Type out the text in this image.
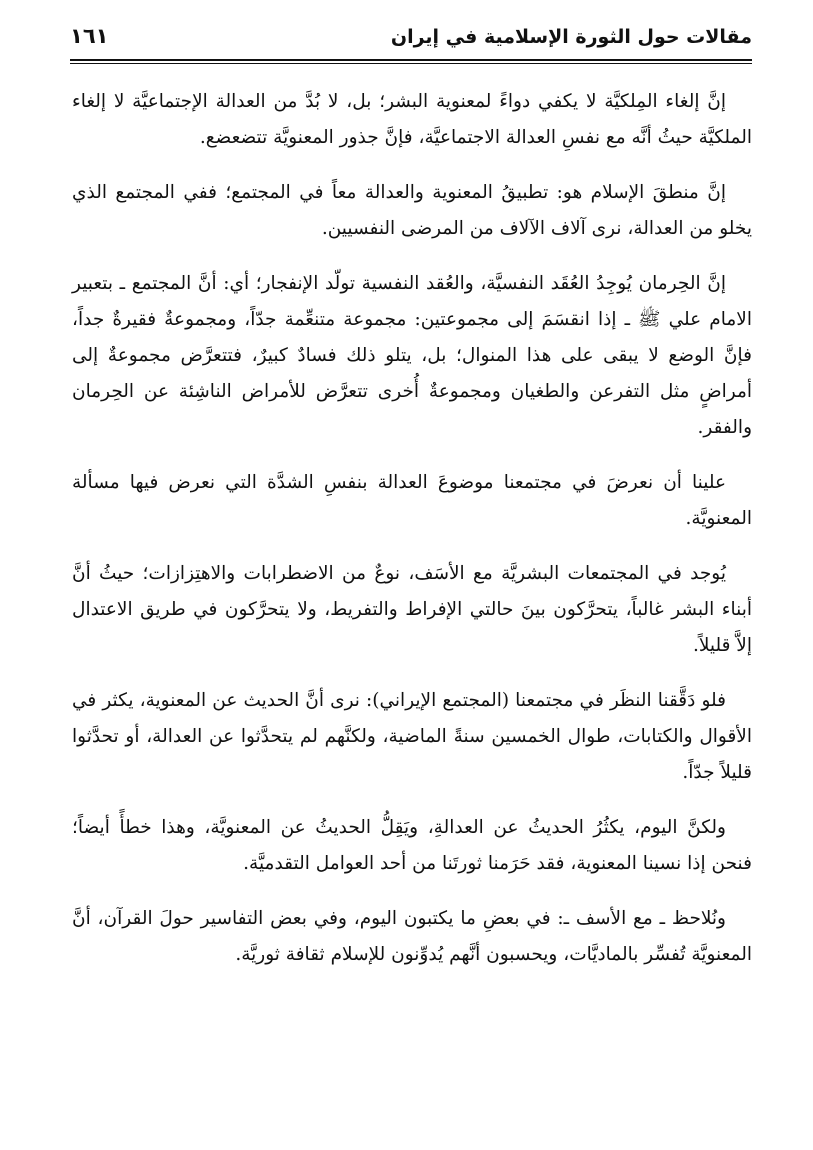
مقالات حول الثورة الإسلامية في إيران
١٦١

إنَّ إلغاء المِلكيَّة لا يكفي دواءً لمعنوية البشر؛ بل، لا بُدَّ من العدالة الإجتماعيَّة لا إلغاء الملكيَّة حيثُ أنَّه مع نفسِ العدالة الاجتماعيَّة، فإنَّ جذور المعنويَّة تتضعضع.

إنَّ منطقَ الإسلام هو: تطبيقُ المعنوية والعدالة معاً في المجتمع؛ ففي المجتمع الذي يخلو من العدالة، نرى آلاف الآلاف من المرضى النفسيين.

إنَّ الحِرمان يُوجِدُ العُقَد النفسيَّة، والعُقد النفسية تولّد الإنفجار؛ أي: أنَّ المجتمع ـ بتعبير الامام علي ﷺ ـ إذا انقسَمَ إلى مجموعتين: مجموعة متنعِّمة جدّاً، ومجموعةٌ فقيرةٌ جداً، فإنَّ الوضع لا يبقى على هذا المنوال؛ بل، يتلو ذلك فسادٌ كبيرٌ، فتتعرَّض مجموعةٌ إلى أمراضٍ مثل التفرعن والطغيان ومجموعةٌ أُخرى تتعرَّض للأمراض الناشِئة عن الحِرمان والفقر.

علينا أن نعرضَ في مجتمعنا موضوعَ العدالة بنفسِ الشدَّة التي نعرض فيها مسألة المعنويَّة.

يُوجد في المجتمعات البشريَّة مع الأسَف، نوعٌ من الاضطرابات والاهتِزازات؛ حيثُ أنَّ أبناء البشر غالباً، يتحرَّكون بينَ حالتي الإفراط والتفريط، ولا يتحرَّكون في طريق الاعتدال إلاَّ قليلاً.

فلو دَقَّقنا النظَر في مجتمعنا (المجتمع الإيراني): نرى أنَّ الحديث عن المعنوية، يكثر في الأقوال والكتابات، طوال الخمسين سنةً الماضية، ولكنَّهم لم يتحدَّثوا عن العدالة، أو تحدَّثوا قليلاً جدّاً.

ولكنَّ اليوم، يكثُرُ الحديثُ عن العدالةِ، ويَقِلُّ الحديثُ عن المعنويَّة، وهذا خطأً أيضاً؛ فنحن إذا نسينا المعنوية، فقد حَرَمنا ثورتَنا من أحد العوامل التقدميَّة.

ونُلاحظ ـ مع الأسف ـ: في بعضِ ما يكتبون اليوم، وفي بعض التفاسير حولَ القرآن، أنَّ المعنويَّة تُفسِّر بالماديَّات، ويحسبون أنَّهم يُدوِّنون للإسلام ثقافة ثوريَّة.
